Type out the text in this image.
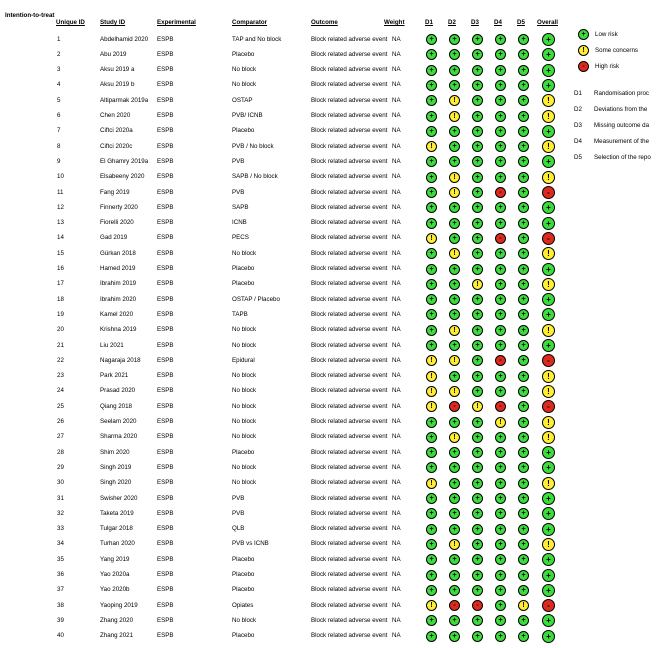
Intention-to-treat
Unique ID Study ID	Experimental	Comparator	Outcome	Weight	D1 D2 D3 D4 D5 Overall
+	Low risk
!	Some concerns
-	High risk
D1 Randomisation proc
D2 Deviations from the
D3 Missing outcome da
D4 Measurement of the
D5 Selection of the repo
1	Abdelhamid 2020 ESPB	TAP and No block	Block related adverse event NA	+	+	+	+	+	+
2	Abu 2019	ESPB	Placebo	Block related adverse event NA	+	+	+	+	+	+
3	Aksu 2019 a	ESPB	No block	Block related adverse event NA	+	+	+	+	+	+
4	Aksu 2019 b	ESPB	No block	Block related adverse event NA	+	+	+	+	+	+
5	Altiparmak 2019a ESPB	OSTAP	Block related adverse event NA	+	!	+	+	+	!
6	Chen 2020	ESPB	PVB/ ICNB	Block related adverse event NA	+	!	+	+	+	!
7	Ciftci 2020a	ESPB	Placebo	Block related adverse event NA	+	+	+	+	+	+
8	Ciftci 2020c	ESPB	PVB / No block	Block related adverse event NA	!	+	+	+	+	!
9	El Ghamry 2019a ESPB	PVB	Block related adverse event NA	+	+	+	+	+	+
10	Elsabeeny 2020 ESPB	SAPB / No block	Block related adverse event NA	+	!	+	+	+	!
11	Fang 2019	ESPB	PVB	Block related adverse event NA	+	!	+	-	+	-
12	Finnerty 2020	ESPB	SAPB	Block related adverse event NA	+	+	+	+	+	+
13	Fiorelli 2020	ESPB	ICNB	Block related adverse event NA	+	+	+	+	+	+
14	Gad 2019	ESPB	PECS	Block related adverse event NA	!	+	+	-	+	-
15	Gürkan 2018	ESPB	No block	Block related adverse event NA	+	!	+	+	+	!
16	Hamed 2019	ESPB	Placebo	Block related adverse event NA	+	+	+	+	+	+
17	Ibrahim 2019	ESPB	Placebo	Block related adverse event NA	+	+	!	+	+	!
18	Ibrahim 2020	ESPB	OSTAP / Placebo	Block related adverse event NA	+	+	+	+	+	+
19	Kamel 2020	ESPB	TAPB	Block related adverse event NA	+	+	+	+	+	+
20	Krishna 2019	ESPB	No block	Block related adverse event NA	+	!	+	+	+	!
21	Liu 2021	ESPB	No block	Block related adverse event NA	+	+	+	+	+	+
22	Nagaraja 2018	ESPB	Epidural	Block related adverse event NA	!	!	+	-	+	-
23	Park 2021	ESPB	No block	Block related adverse event NA	!	+	+	+	+	!
24	Prasad 2020	ESPB	No block	Block related adverse event NA	!	!	+	+	+	!
25	Qiang 2018	ESPB	No block	Block related adverse event NA	!	-	!	-	+	-
26	Seelam 2020	ESPB	No block	Block related adverse event NA	+	+	+	!	+	!
27	Sharma 2020	ESPB	No block	Block related adverse event NA	+	!	+	+	+	!
28	Shim 2020	ESPB	Placebo	Block related adverse event NA	+	+	+	+	+	+
29	Singh 2019	ESPB	No block	Block related adverse event NA	+	+	+	+	+	+
30	Singh 2020	ESPB	No block	Block related adverse event NA	!	+	+	+	+	!
31	Swisher 2020	ESPB	PVB	Block related adverse event NA	+	+	+	+	+	+
32	Taketa 2019	ESPB	PVB	Block related adverse event NA	+	+	+	+	+	+
33	Tulgar 2018	ESPB	QLB	Block related adverse event NA	+	+	+	+	+	+
34	Turhan 2020	ESPB	PVB vs ICNB	Block related adverse event NA	+	!	+	+	+	!
35	Yang 2019	ESPB	Placebo	Block related adverse event NA	+	+	+	+	+	+
36	Yao 2020a	ESPB	Placebo	Block related adverse event NA	+	+	+	+	+	+
37	Yao 2020b	ESPB	Placebo	Block related adverse event NA	+	+	+	+	+	+
38	Yaoping 2019	ESPB	Opiates	Block related adverse event NA	!	-	-	+	!	-
39	Zhang 2020	ESPB	No block	Block related adverse event NA	+	+	+	+	+	+
40	Zhang 2021	ESPB	Placebo	Block related adverse event NA	+	+	+	+	+	+
